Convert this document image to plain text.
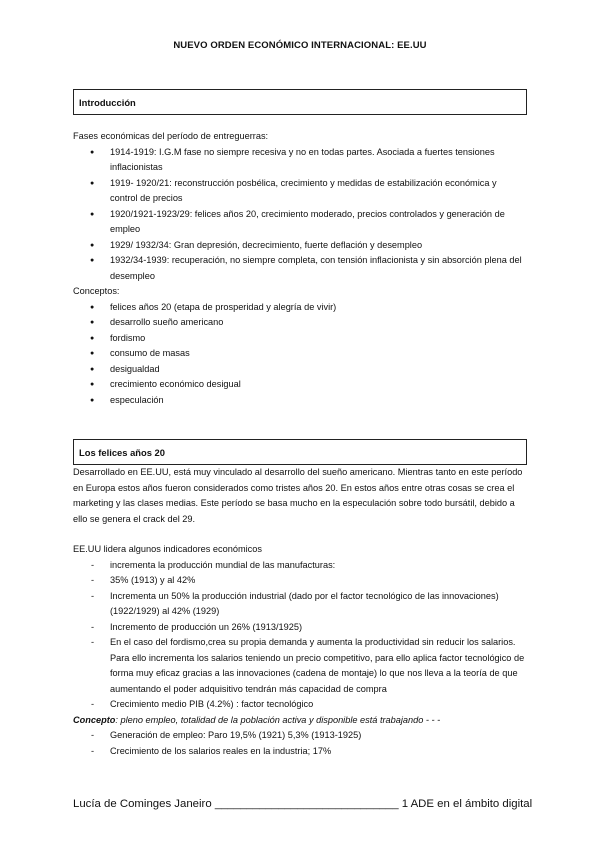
NUEVO ORDEN ECONÓMICO INTERNACIONAL: EE.UU
Introducción

Fases económicas del período de entreguerras:

● 1914-1919: I.G.M fase no siempre recesiva y no en todas partes. Asociada a fuertes tensiones inflacionistas
● 1919- 1920/21: reconstrucción posbélica, crecimiento y medidas de estabilización económica y control de precios
● 1920/1921-1923/29: felices años 20, crecimiento moderado, precios controlados y generación de empleo
● 1929/ 1932/34: Gran depresión, decrecimiento, fuerte deflación y desempleo
● 1932/34-1939: recuperación, no siempre completa, con tensión inflacionista y sin absorción plena del desempleo

Conceptos:

● felices años 20 (etapa de prosperidad y alegría de vivir)
● desarrollo sueño americano
● fordismo
● consumo de masas
● desigualdad
● crecimiento económico desigual
● especulación
Los felices años 20

Desarrollado en EE.UU, está muy vinculado al desarrollo del sueño americano. Mientras tanto en este período en Europa estos años fueron considerados como tristes años 20. En estos años entre otras cosas se crea el marketing y las clases medias. Este período se basa mucho en la especulación sobre todo bursátil, debido a ello se genera el crack del 29.

EE.UU lidera algunos indicadores económicos

- incrementa la producción mundial de las manufacturas:
- 35% (1913) y al 42%
- Incrementa un 50% la producción industrial (dado por el factor tecnológico de las innovaciones) (1922/1929) al 42% (1929)
- Incremento de producción un 26% (1913/1925)
- En el caso del fordismo,crea su propia demanda y aumenta la productividad sin reducir los salarios. Para ello incrementa los salarios teniendo un precio competitivo, para ello aplica factor tecnológico de forma muy eficaz gracias a las innovaciones (cadena de montaje) lo que nos lleva a la teoría de que aumentando el poder adquisitivo tendrán más capacidad de compra
- Crecimiento medio PIB (4.2%) : factor tecnológico

Concepto: pleno empleo, totalidad de la población activa y disponible está trabajando - - -

- Generación de empleo: Paro 19,5% (1921) 5,3% (1913-1925)
- Crecimiento de los salarios reales en la industria; 17%
Lucía de Cominges Janeiro _____________________________ 1 ADE en el ámbito digital
